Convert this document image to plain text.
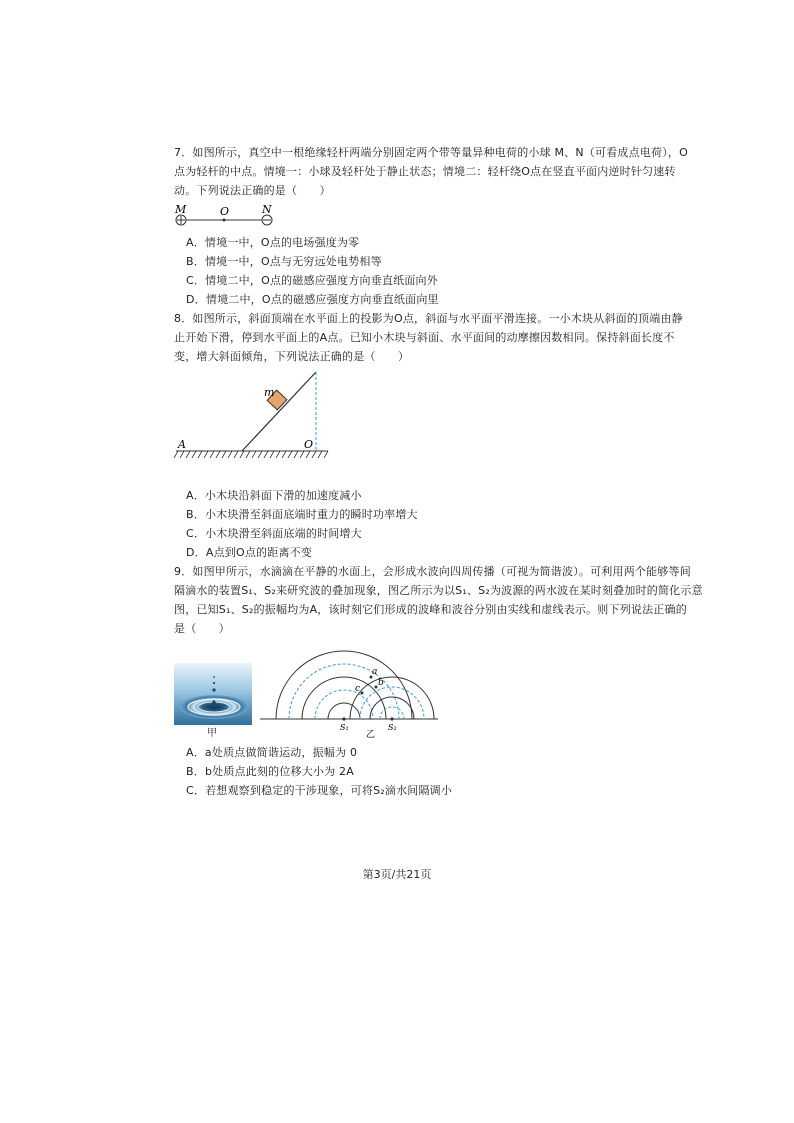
7．如图所示，真空中一根绝缘轻杆两端分别固定两个带等量异种电荷的小球 M、N（可看成点电荷），O
点为轻杆的中点。情境一：小球及轻杆处于静止状态；情境二：轻杆绕O点在竖直平面内逆时针匀速转
动。下列说法正确的是（　　）
M	O	N
A．情境一中，O点的电场强度为零
B．情境一中，O点与无穷远处电势相等
C．情境二中，O点的磁感应强度方向垂直纸面向外
D．情境二中，O点的磁感应强度方向垂直纸面向里
8．如图所示，斜面顶端在水平面上的投影为O点，斜面与水平面平滑连接。一小木块从斜面的顶端由静
止开始下滑，停到水平面上的A点。已知小木块与斜面、水平面间的动摩擦因数相同。保持斜面长度不
变，增大斜面倾角，下列说法正确的是（　　）
m
A	O
A．小木块沿斜面下滑的加速度减小
B．小木块滑至斜面底端时重力的瞬时功率增大
C．小木块滑至斜面底端的时间增大
D．A点到O点的距离不变
9．如图甲所示，水滴滴在平静的水面上，会形成水波向四周传播（可视为简谐波）。可利用两个能够等间
隔滴水的装置S₁、S₂来研究波的叠加现象，图乙所示为以S₁、S₂为波源的两水波在某时刻叠加时的简化示意
图，已知S₁、S₂的振幅均为A，该时刻它们形成的波峰和波谷分别由实线和虚线表示。则下列说法正确的
是（　　）
甲
a
b
c
S₁	S₂
乙
A．a处质点做简谐运动，振幅为 0
B．b处质点此刻的位移大小为 2A
C．若想观察到稳定的干涉现象，可将S₂滴水间隔调小
第3页/共21页
